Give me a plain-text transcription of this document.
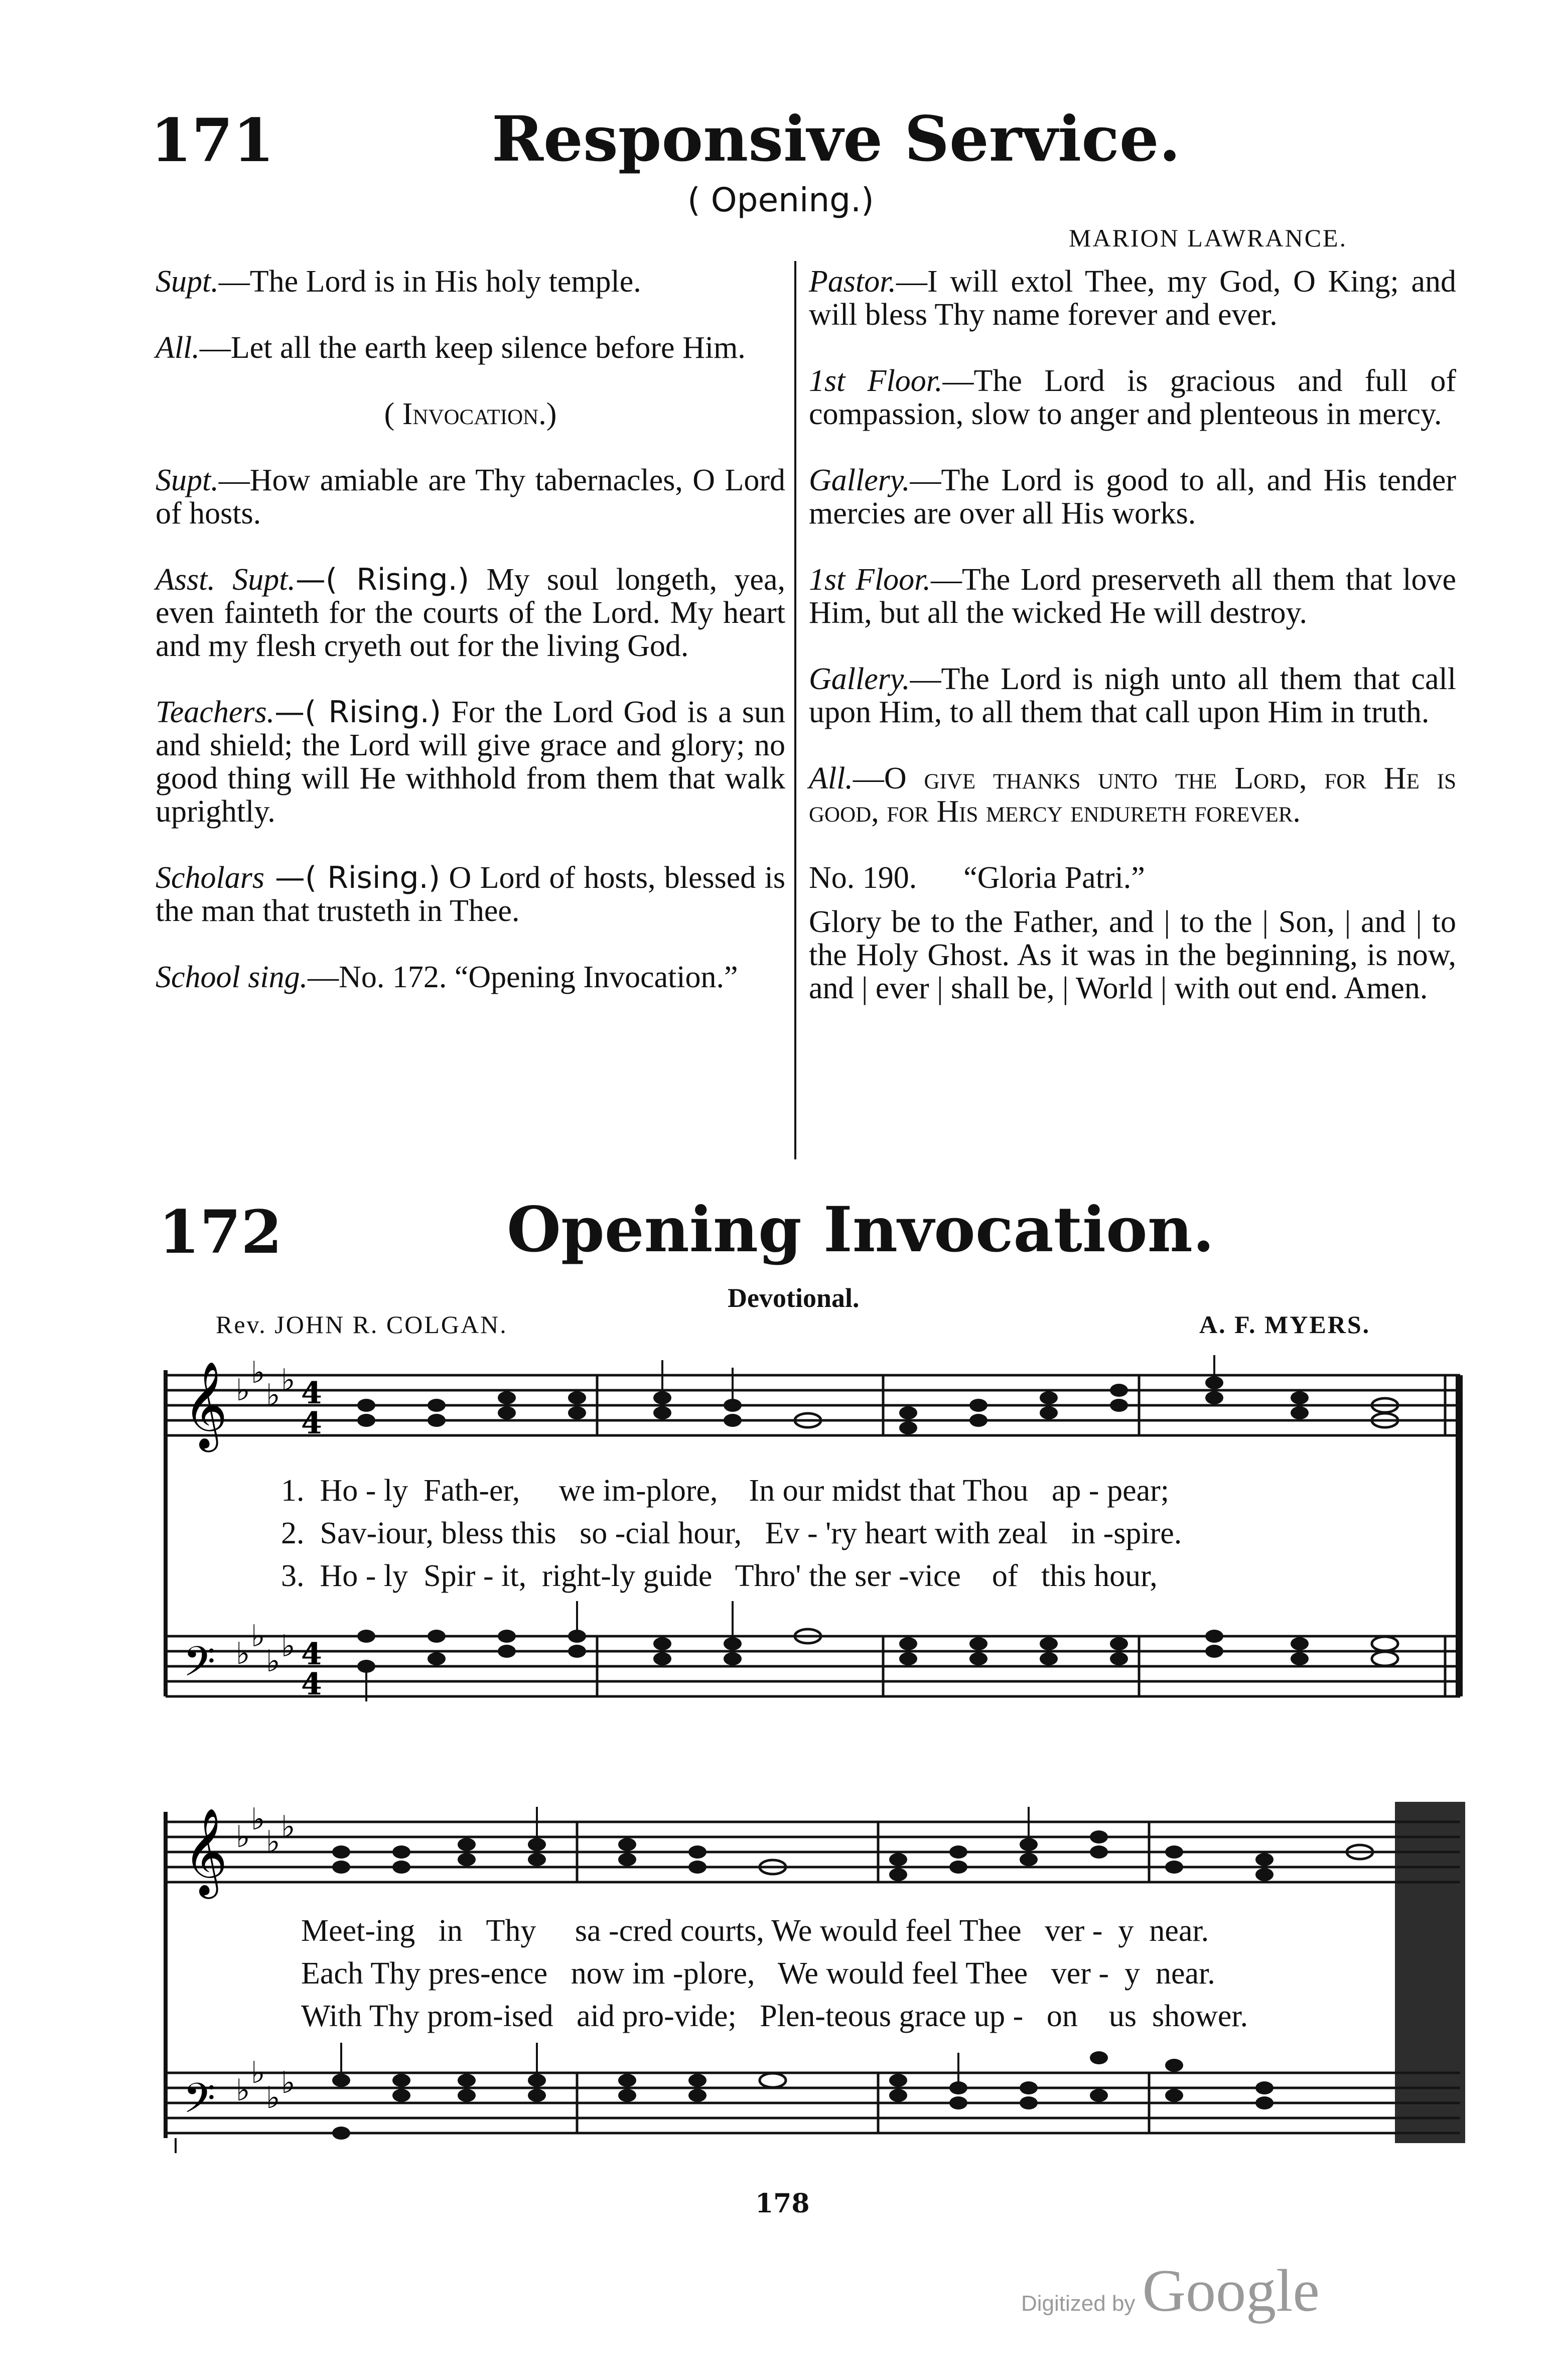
171	Responsive Service.
( Opening.)
MARION LAWRANCE.

Supt.—The Lord is in His holy temple.

All.—Let all the earth keep silence before Him.

( Invocation.)

Supt.—How amiable are Thy tabernacles, O Lord of hosts.

Asst. Supt.—( Rising.) My soul longeth, yea, even fainteth for the courts of the Lord. My heart and my flesh cryeth out for the living God.

Teachers.—( Rising.) For the Lord God is a sun and shield; the Lord will give grace and glory; no good thing will He withhold from them that walk uprightly.

Scholars —( Rising.) O Lord of hosts, blessed is the man that trusteth in Thee.

School sing.—No. 172. “Opening Invocation.”

Pastor.—I will extol Thee, my God, O King; and will bless Thy name forever and ever.

1st Floor.—The Lord is gracious and full of compassion, slow to anger and plenteous in mercy.

Gallery.—The Lord is good to all, and His tender mercies are over all His works.

1st Floor.—The Lord preserveth all them that love Him, but all the wicked He will destroy.

Gallery.—The Lord is nigh unto all them that call upon Him, to all them that call upon Him in truth.

All.—O give thanks unto the Lord, for He is good, for His mercy endureth forever.

No. 190. “Gloria Patri.”

Glory be to the Father, and | to the | Son, | and | to the Holy Ghost. As it was in the beginning, is now, and | ever | shall be, | World | with out end. Amen.

172	Opening Invocation.
Devotional.
Rev. JOHN R. COLGAN.	A. F. MYERS.
𝄞
𝄢
♭ ♭
♭ ♭
♭ ♭
♭ ♭
4
4
4
4
1. Ho - ly Fath-er, we im-plore, In our midst that Thou ap - pear;
2. Sav-iour, bless this so -cial hour, Ev - 'ry heart with zeal in -spire.
3. Ho - ly Spir - it, right-ly guide Thro' the ser -vice of this hour,
𝄞
𝄢
♭ ♭
♭ ♭
♭ ♭
♭ ♭
Meet-ing in Thy sa -cred courts, We would feel Thee ver - y near.
Each Thy pres-ence now im -plore, We would feel Thee ver - y near.
With Thy prom-ised aid pro-vide; Plen-teous grace up - on us shower.
178
Digitized by Google
